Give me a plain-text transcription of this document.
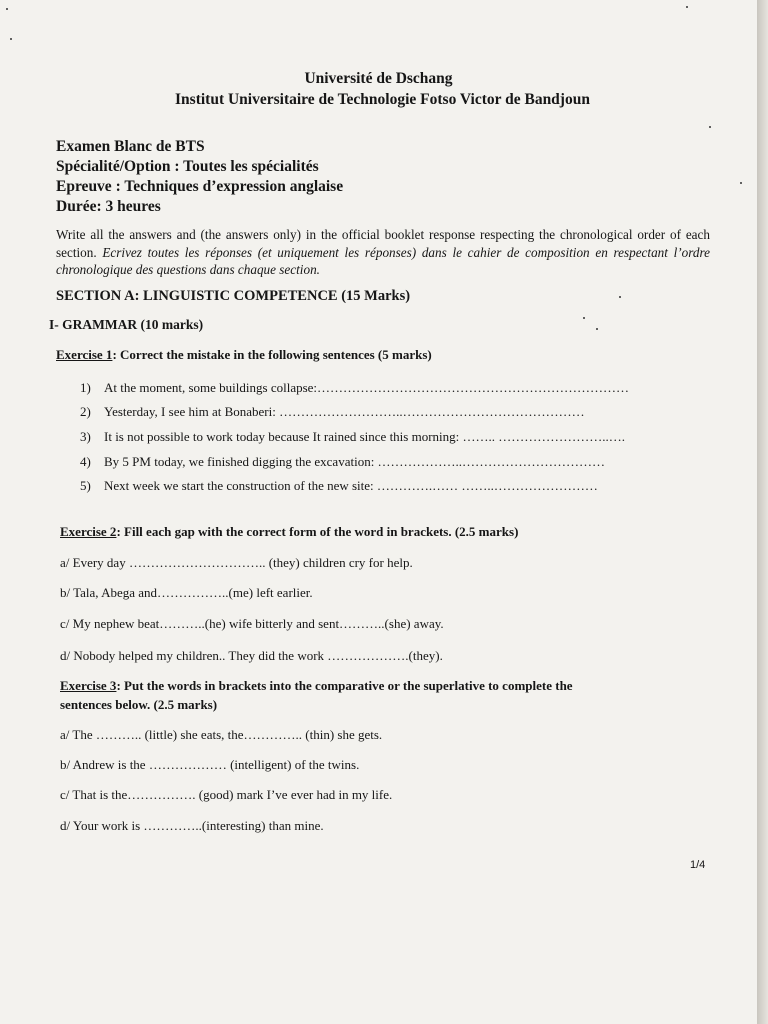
Université de Dschang
Institut Universitaire de Technologie Fotso Victor de Bandjoun
Examen Blanc de BTS
Spécialité/Option : Toutes les spécialités
Epreuve : Techniques d’expression anglaise
Durée: 3 heures
Write all the answers and (the answers only) in the official booklet response respecting the chronological order of each section. Ecrivez toutes les réponses (et uniquement les réponses) dans le cahier de composition en respectant l’ordre chronologique des questions dans chaque section.
SECTION A: LINGUISTIC COMPETENCE (15 Marks)
I- GRAMMAR (10 marks)
Exercise 1: Correct the mistake in the following sentences (5 marks)
1) At the moment, some buildings collapse:………………………………………………………………
2) Yesterday, I see him at Bonaberi: ………………………..……………………………………
3) It is not possible to work today because It rained since this morning: …….. ……………………..….
4) By 5 PM today, we finished digging the excavation: ………………..……………………………
5) Next week we start the construction of the new site: ………….…… ……..……………………
Exercise 2: Fill each gap with the correct form of the word in brackets. (2.5 marks)
a/ Every day ………………………….. (they) children cry for help.
b/ Tala, Abega and……………..(me) left earlier.
c/ My nephew beat………..(he) wife bitterly and sent………..(she) away.
d/ Nobody helped my children.. They did the work ……………….(they).
Exercise 3: Put the words in brackets into the comparative or the superlative to complete the
sentences below. (2.5 marks)
a/ The ……….. (little) she eats, the………….. (thin) she gets.
b/ Andrew is the ……………… (intelligent) of the twins.
c/ That is the……………. (good) mark I’ve ever had in my life.
d/ Your work is …………..(interesting) than mine.
1/4
